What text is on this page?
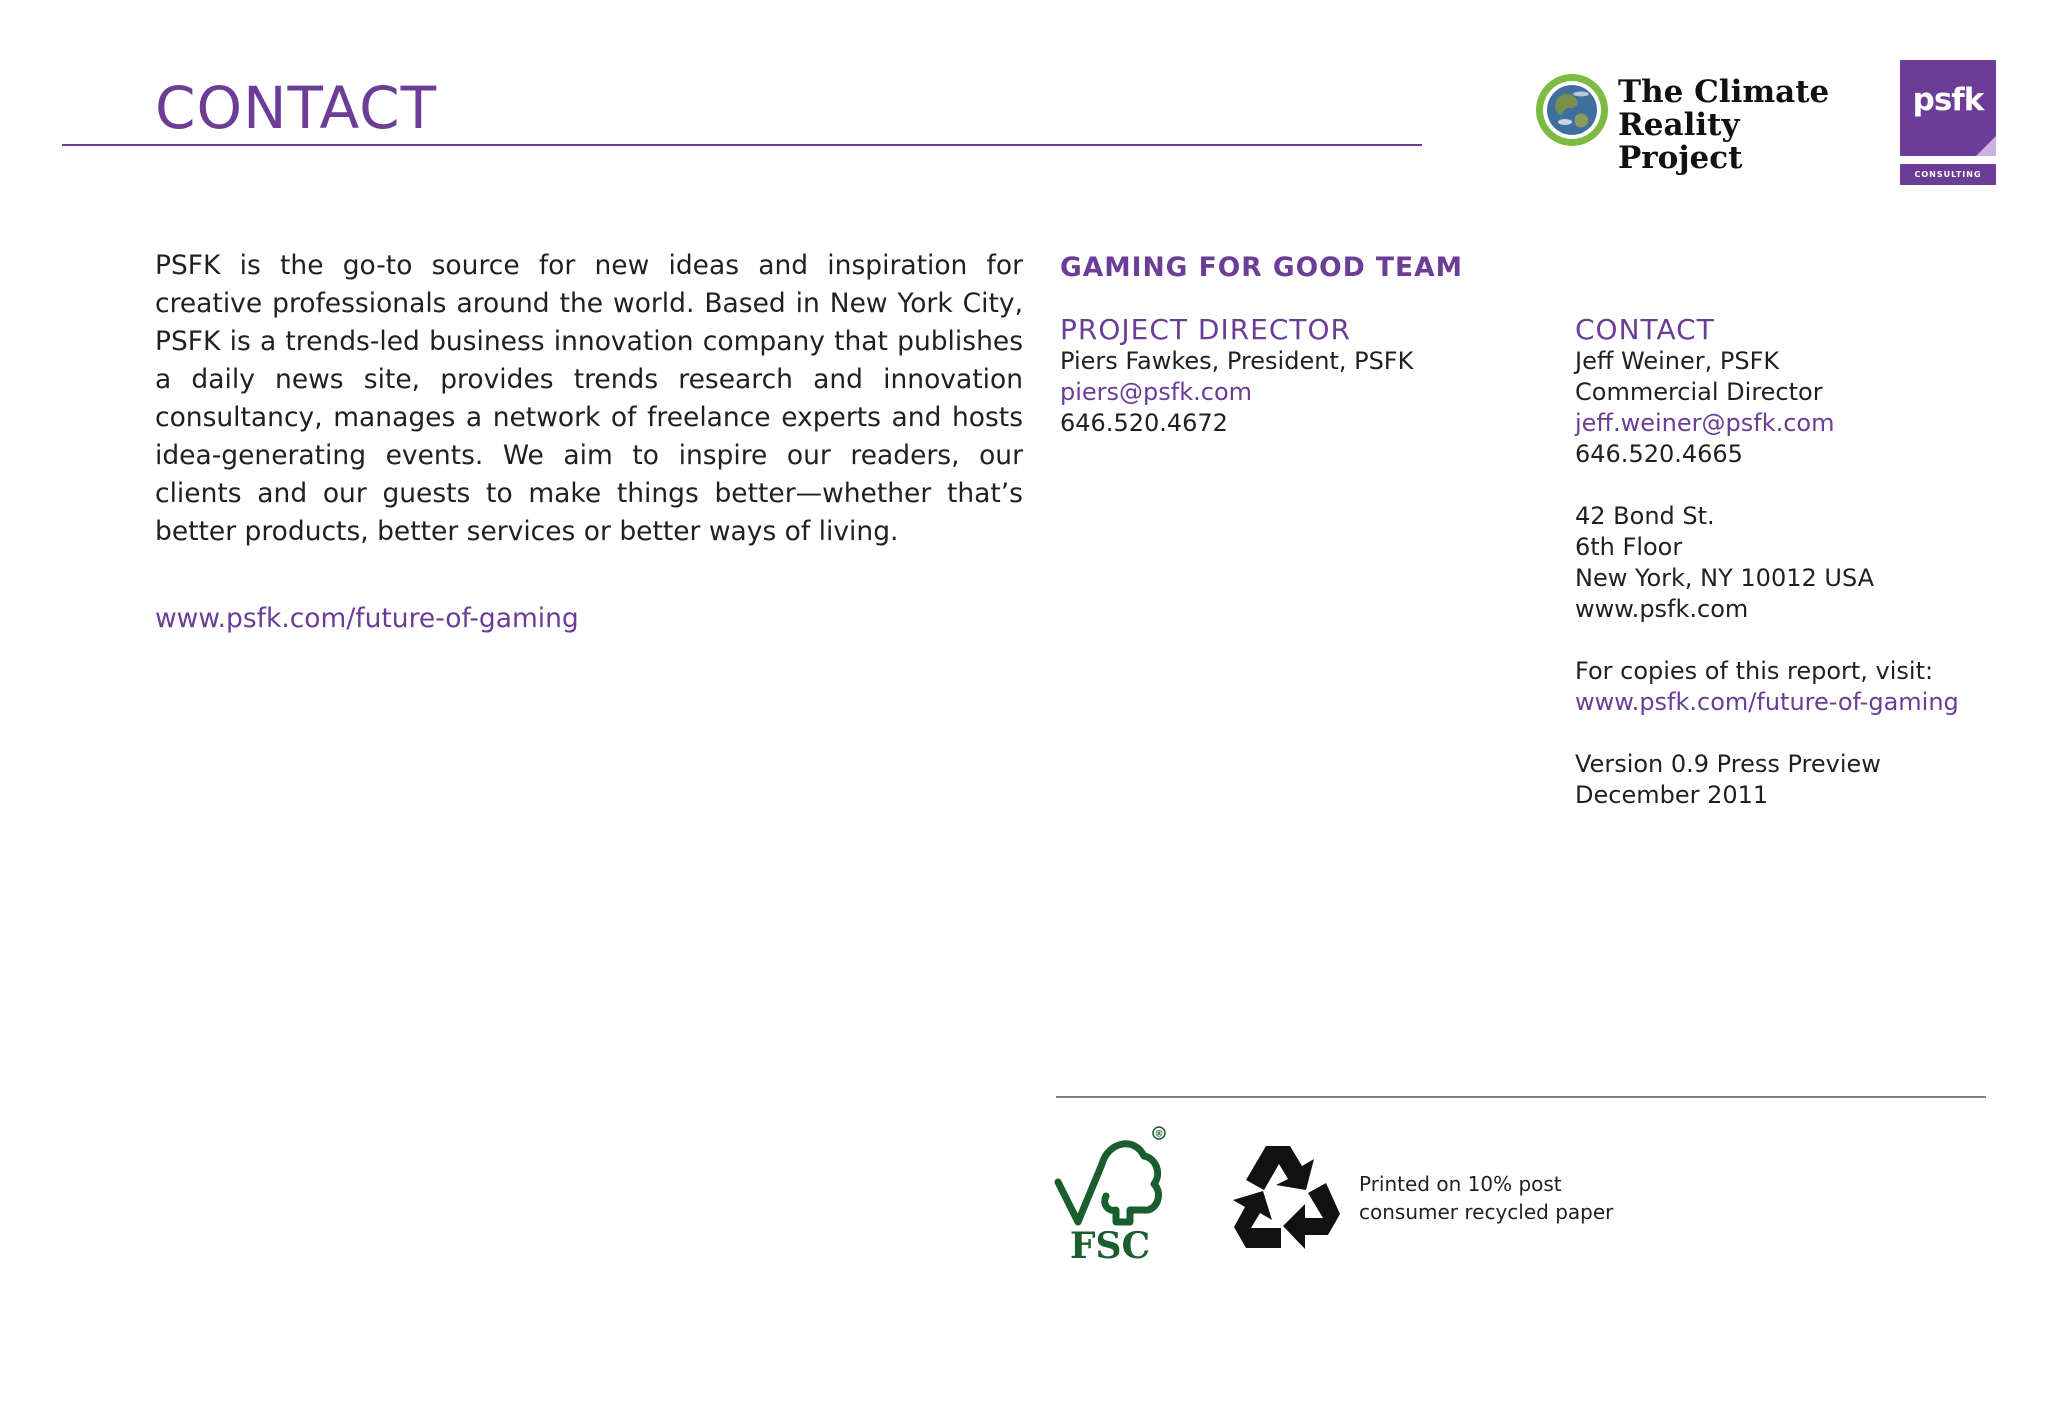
CONTACT	The Climate
Reality Project
psfk
CONSULTING

PSFK is the go-to source for new ideas and inspiration for creative professionals around the world. Based in New York City, PSFK is a trends-led business innovation company that publishes a daily news site, provides trends research and innovation consultancy, manages a network of freelance experts and hosts idea-generating events. We aim to inspire our readers, our clients and our guests to make things better—whether that’s better products, better services or better ways of living.

www.psfk.com/future-of-gaming
GAMING FOR GOOD TEAM
PROJECT DIRECTOR
Piers Fawkes, President, PSFK
piers@psfk.com
646.520.4672
CONTACT
Jeff Weiner, PSFK
Commercial Director
jeff.weiner@psfk.com
646.520.4665
42 Bond St.
6th Floor
New York, NY 10012 USA
www.psfk.com
For copies of this report, visit:
www.psfk.com/future-of-gaming
Version 0.9 Press Preview
December 2011
®
FSC
Printed on 10% post
consumer recycled paper
